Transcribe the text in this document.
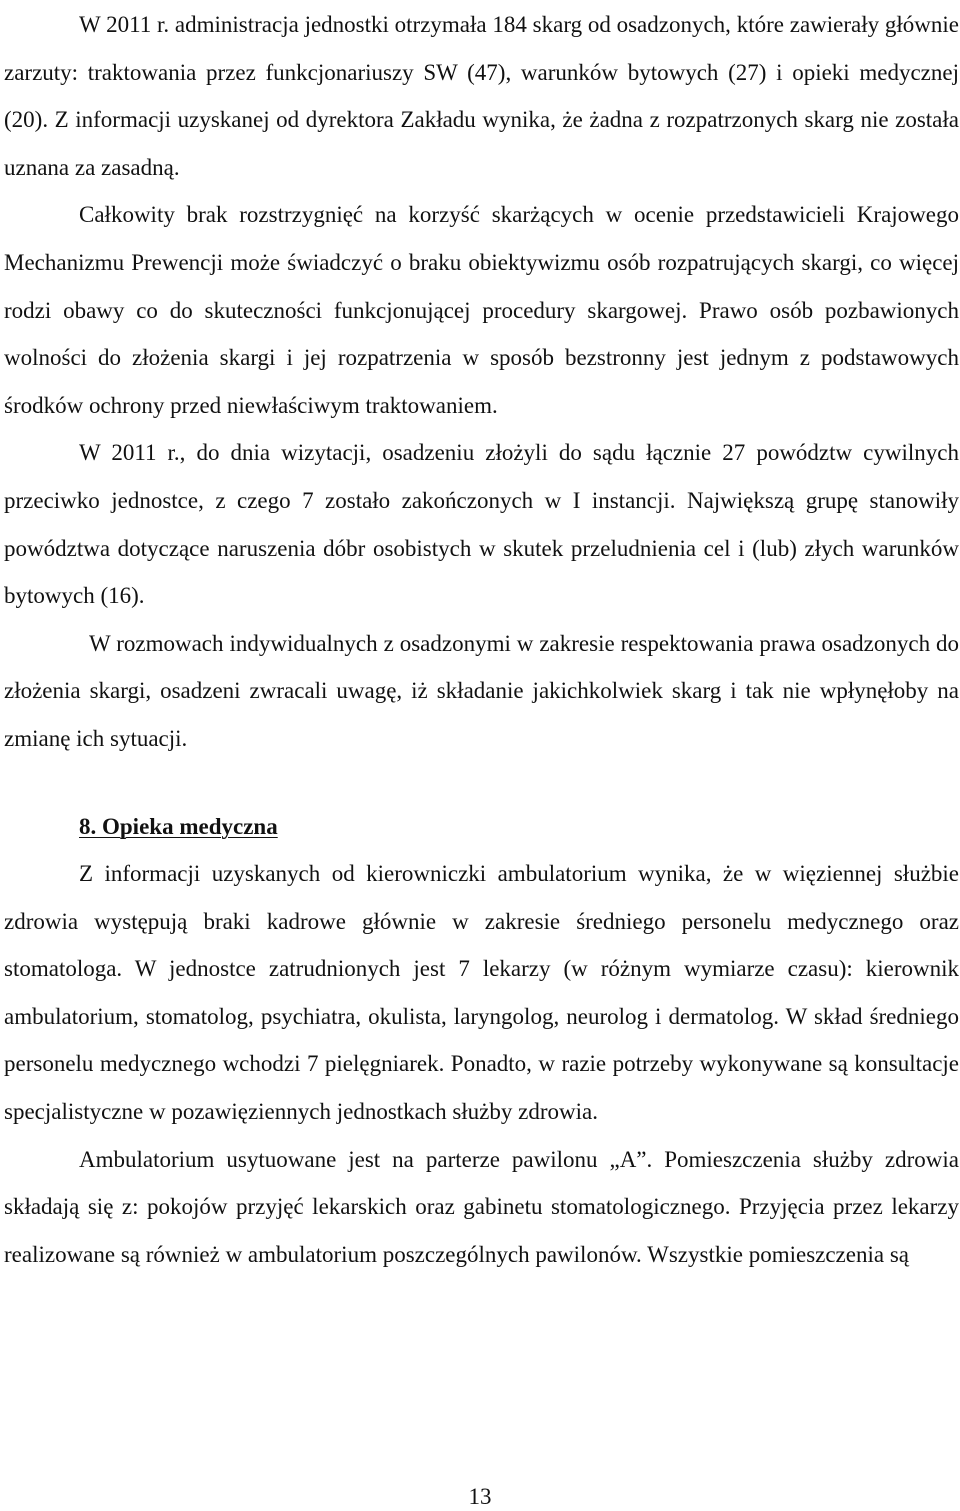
W 2011 r. administracja jednostki otrzymała 184 skarg od osadzonych, które zawierały głównie zarzuty: traktowania przez funkcjonariuszy SW (47), warunków bytowych (27) i opieki medycznej (20). Z informacji uzyskanej od dyrektora Zakładu wynika, że żadna z rozpatrzonych skarg nie została uznana za zasadną.

Całkowity brak rozstrzygnięć na korzyść skarżących w ocenie przedstawicieli Krajowego Mechanizmu Prewencji może świadczyć o braku obiektywizmu osób rozpatrujących skargi, co więcej rodzi obawy co do skuteczności funkcjonującej procedury skargowej. Prawo osób pozbawionych wolności do złożenia skargi i jej rozpatrzenia w sposób bezstronny jest jednym z podstawowych środków ochrony przed niewłaściwym traktowaniem.

W 2011 r., do dnia wizytacji, osadzeniu złożyli do sądu łącznie 27 powództw cywilnych przeciwko jednostce, z czego 7 zostało zakończonych w I instancji. Największą grupę stanowiły powództwa dotyczące naruszenia dóbr osobistych w skutek przeludnienia cel i (lub) złych warunków bytowych (16).

W rozmowach indywidualnych z osadzonymi w zakresie respektowania prawa osadzonych do złożenia skargi, osadzeni zwracali uwagę, iż składanie jakichkolwiek skarg i tak nie wpłynęłoby na zmianę ich sytuacji.

8. Opieka medyczna

Z informacji uzyskanych od kierowniczki ambulatorium wynika, że w więziennej służbie zdrowia występują braki kadrowe głównie w zakresie średniego personelu medycznego oraz stomatologa. W jednostce zatrudnionych jest 7 lekarzy (w różnym wymiarze czasu): kierownik ambulatorium, stomatolog, psychiatra, okulista, laryngolog, neurolog i dermatolog. W skład średniego personelu medycznego wchodzi 7 pielęgniarek. Ponadto, w razie potrzeby wykonywane są konsultacje specjalistyczne w pozawięziennych jednostkach służby zdrowia.

Ambulatorium usytuowane jest na parterze pawilonu „A”. Pomieszczenia służby zdrowia składają się z: pokojów przyjęć lekarskich oraz gabinetu stomatologicznego. Przyjęcia przez lekarzy realizowane są również w ambulatorium poszczególnych pawilonów. Wszystkie pomieszczenia są

13
